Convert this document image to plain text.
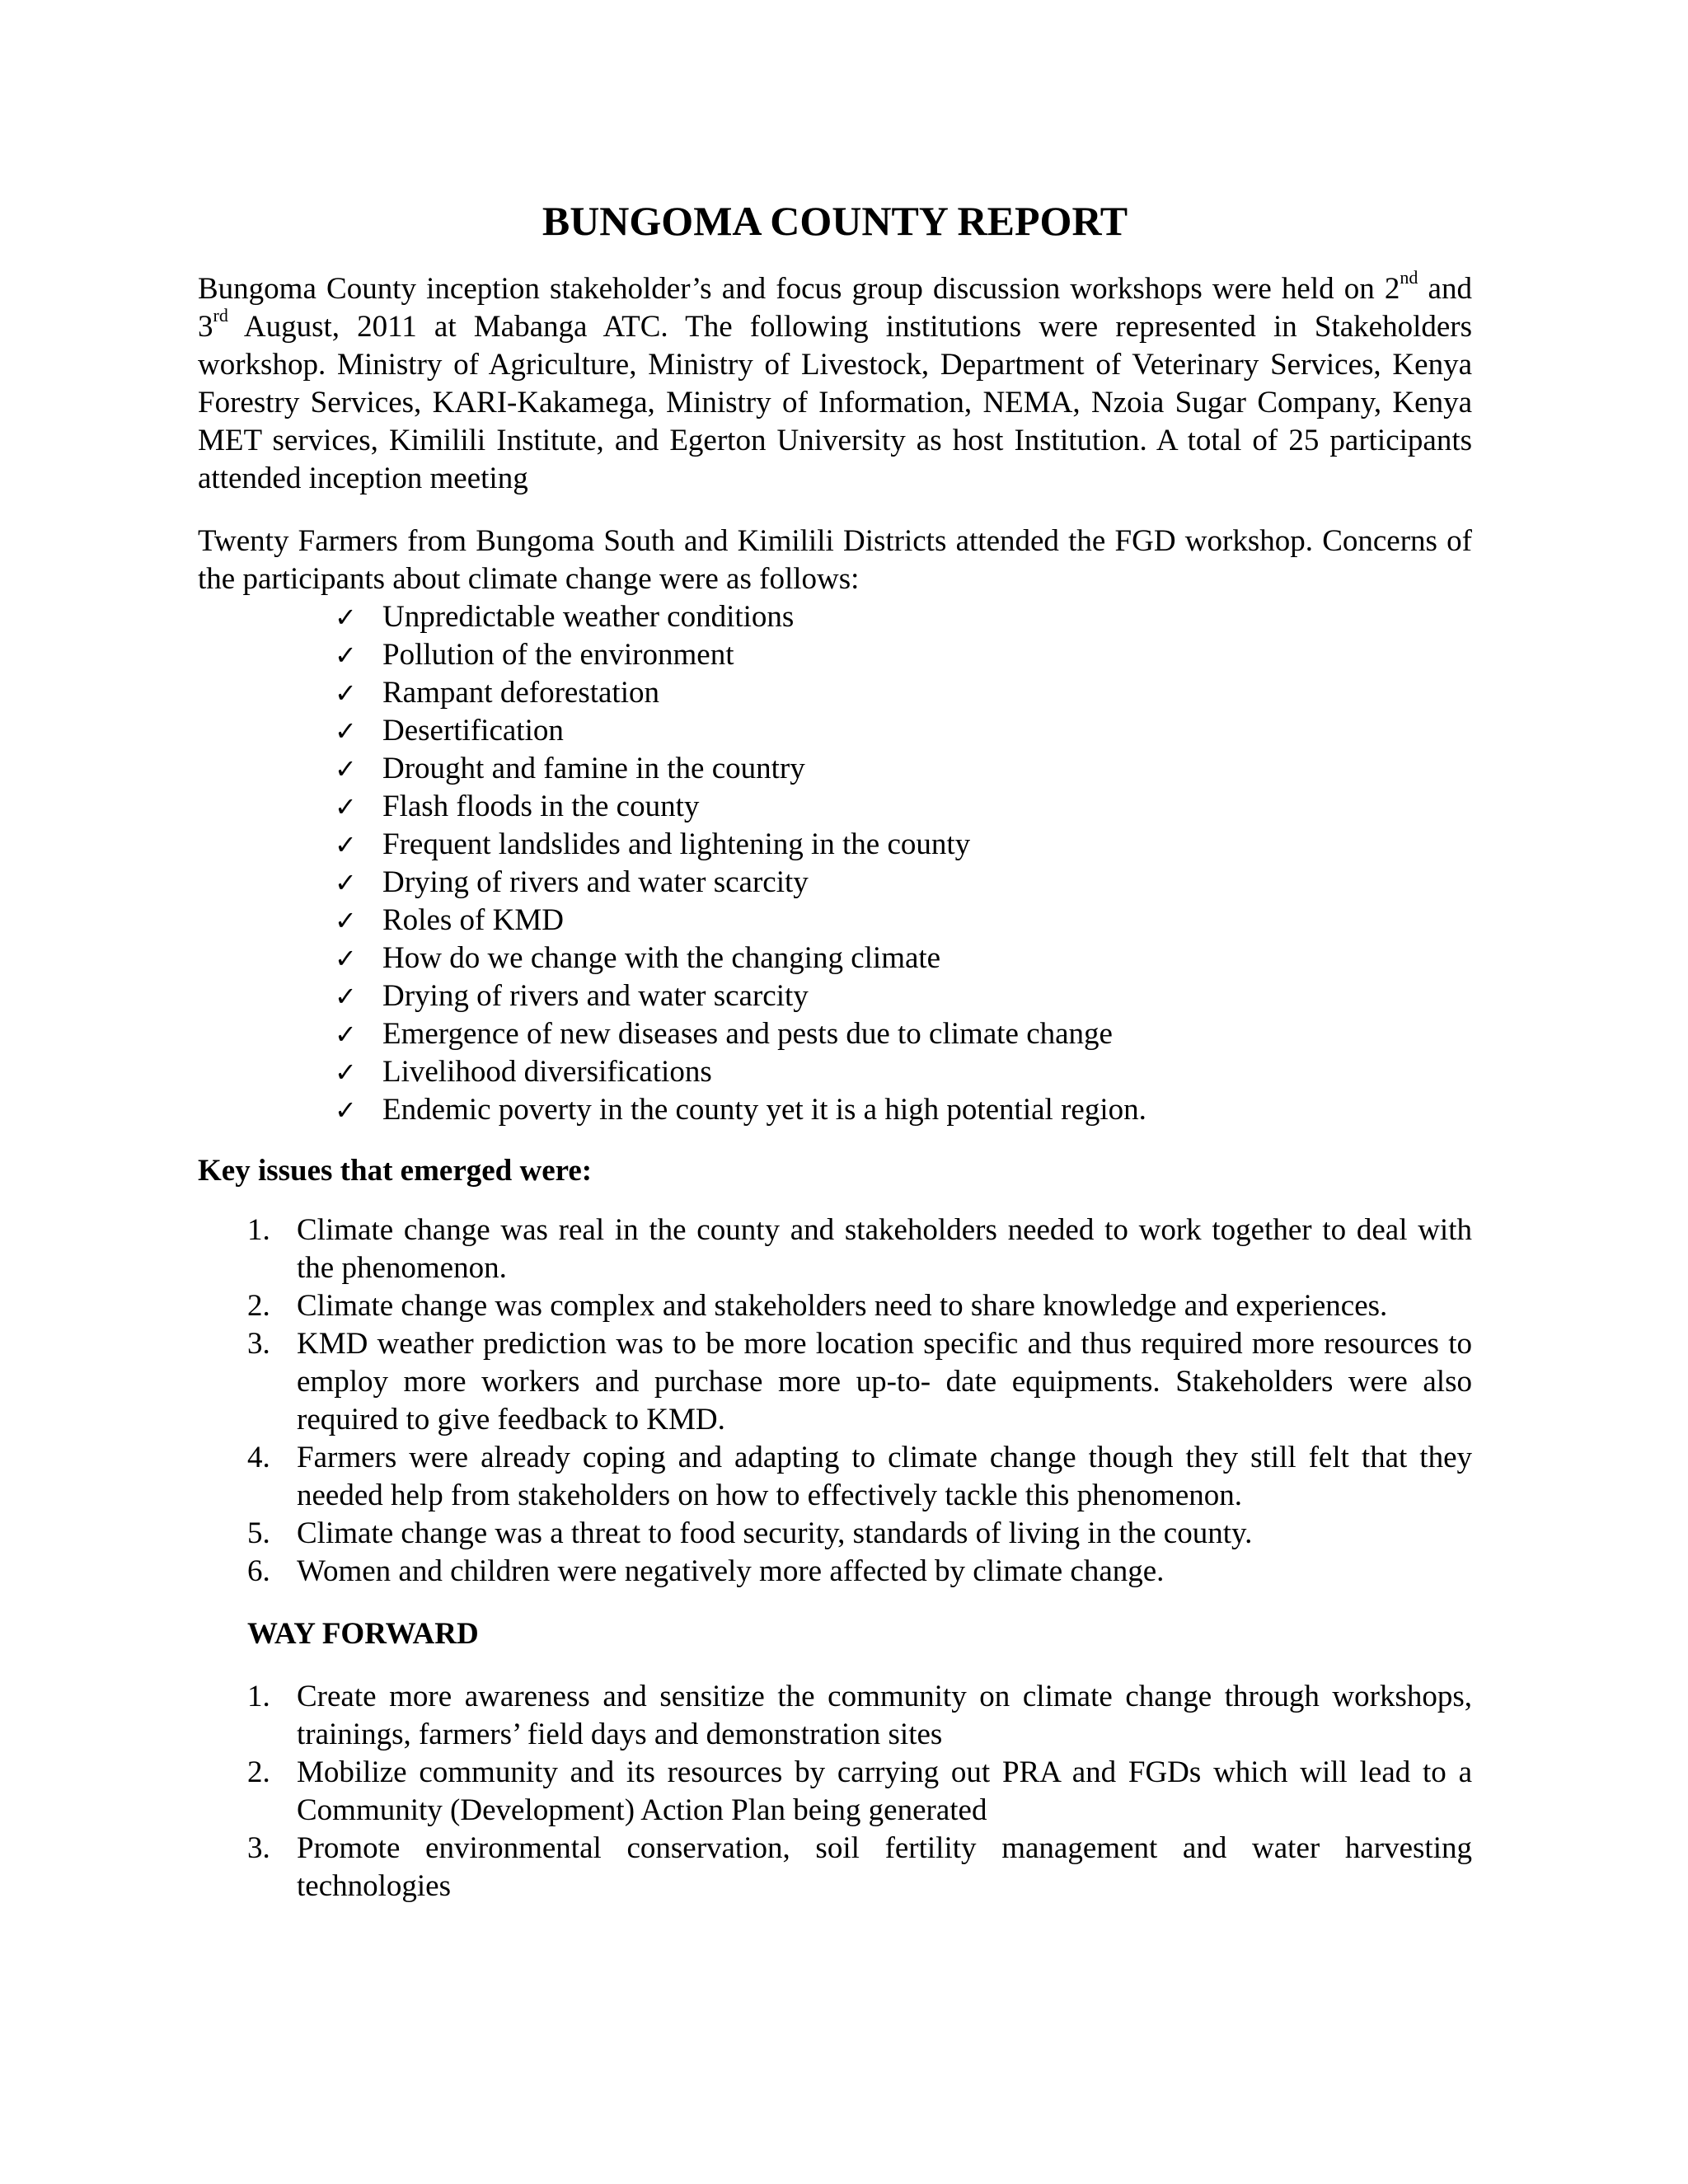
BUNGOMA COUNTY REPORT

Bungoma County inception stakeholder’s and focus group discussion workshops were held on 2nd and 3rd August, 2011 at Mabanga ATC. The following institutions were represented in Stakeholders workshop. Ministry of Agriculture, Ministry of Livestock, Department of Veterinary Services, Kenya Forestry Services, KARI-Kakamega, Ministry of Information, NEMA, Nzoia Sugar Company, Kenya MET services, Kimilili Institute, and Egerton University as host Institution. A total of 25 participants attended inception meeting

Twenty Farmers from Bungoma South and Kimilili Districts attended the FGD workshop. Concerns of the participants about climate change were as follows:

✓ Unpredictable weather conditions
✓ Pollution of the environment
✓ Rampant deforestation
✓ Desertification
✓ Drought and famine in the country
✓ Flash floods in the county
✓ Frequent landslides and lightening in the county
✓ Drying of rivers and water scarcity
✓ Roles of KMD
✓ How do we change with the changing climate
✓ Drying of rivers and water scarcity
✓ Emergence of new diseases and pests due to climate change
✓ Livelihood diversifications
✓ Endemic poverty in the county yet it is a high potential region.
Key issues that emerged were:
1. Climate change was real in the county and stakeholders needed to work together to deal with the phenomenon.
2. Climate change was complex and stakeholders need to share knowledge and experiences.
3. KMD weather prediction was to be more location specific and thus required more resources to employ more workers and purchase more up-to- date equipments. Stakeholders were also required to give feedback to KMD.
4. Farmers were already coping and adapting to climate change though they still felt that they needed help from stakeholders on how to effectively tackle this phenomenon.
5. Climate change was a threat to food security, standards of living in the county.
6. Women and children were negatively more affected by climate change.
WAY FORWARD
1. Create more awareness and sensitize the community on climate change through workshops, trainings, farmers’ field days and demonstration sites
2. Mobilize community and its resources by carrying out PRA and FGDs which will lead to a Community (Development) Action Plan being generated
3. Promote environmental conservation, soil fertility management and water harvesting technologies
